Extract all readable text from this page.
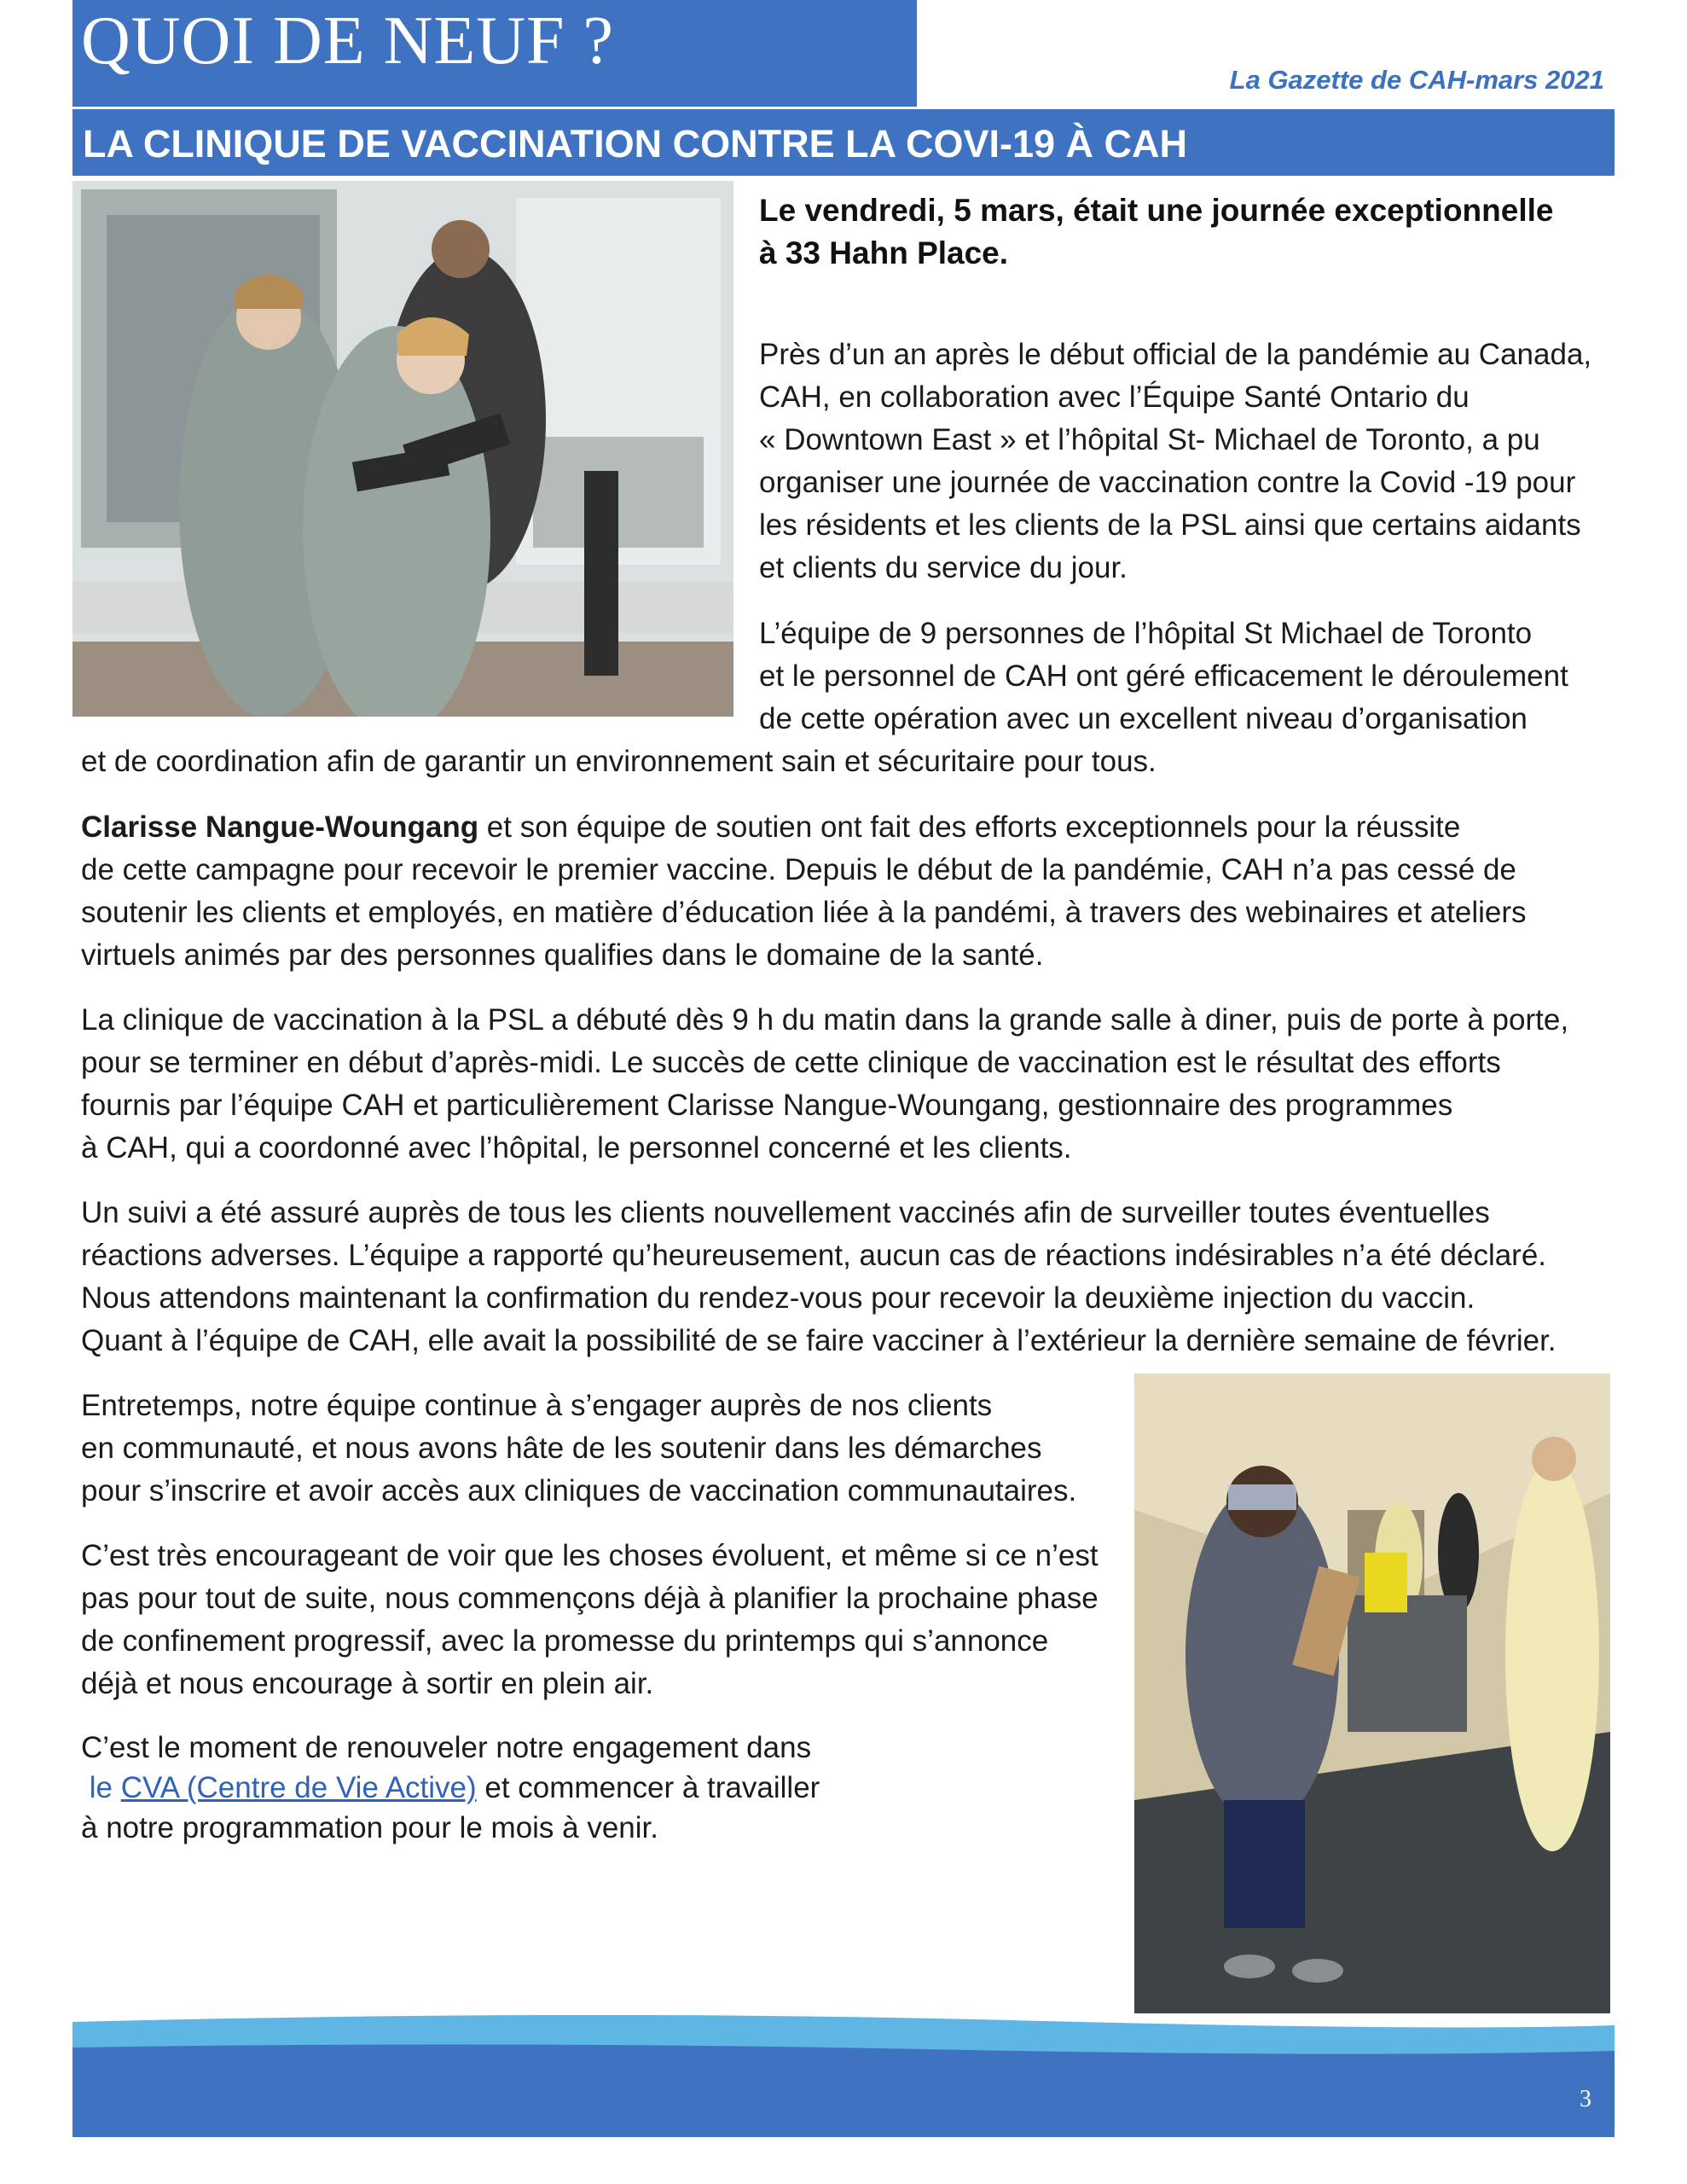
QUOI DE NEUF ?
La Gazette de CAH-mars 2021
LA CLINIQUE DE VACCINATION CONTRE LA COVI-19 À CAH
Le vendredi, 5 mars, était une journée exceptionnelle
à 33 Hahn Place.
Près d’un an après le début official de la pandémie au Canada,
CAH, en collaboration avec l’Équipe Santé Ontario du
« Downtown East » et l’hôpital St- Michael de Toronto, a pu
organiser une journée de vaccination contre la Covid -19 pour
les résidents et les clients de la PSL ainsi que certains aidants
et clients du service du jour.
L’équipe de 9 personnes de l’hôpital St Michael de Toronto
et le personnel de CAH ont géré efficacement le déroulement
de cette opération avec un excellent niveau d’organisation
et de coordination afin de garantir un environnement sain et sécuritaire pour tous.
Clarisse Nangue-Woungang et son équipe de soutien ont fait des efforts exceptionnels pour la réussite
de cette campagne pour recevoir le premier vaccine. Depuis le début de la pandémie, CAH n’a pas cessé de
soutenir les clients et employés, en matière d’éducation liée à la pandémi, à travers des webinaires et ateliers
virtuels animés par des personnes qualifies dans le domaine de la santé.
La clinique de vaccination à la PSL a débuté dès 9 h du matin dans la grande salle à diner, puis de porte à porte,
pour se terminer en début d’après-midi. Le succès de cette clinique de vaccination est le résultat des efforts
fournis par l’équipe CAH et particulièrement Clarisse Nangue-Woungang, gestionnaire des programmes
à CAH, qui a coordonné avec l’hôpital, le personnel concerné et les clients.
Un suivi a été assuré auprès de tous les clients nouvellement vaccinés afin de surveiller toutes éventuelles
réactions adverses. L’équipe a rapporté qu’heureusement, aucun cas de réactions indésirables n’a été déclaré.
Nous attendons maintenant la confirmation du rendez-vous pour recevoir la deuxième injection du vaccin.
Quant à l’équipe de CAH, elle avait la possibilité de se faire vacciner à l’extérieur la dernière semaine de février.
Entretemps, notre équipe continue à s’engager auprès de nos clients
en communauté, et nous avons hâte de les soutenir dans les démarches
pour s’inscrire et avoir accès aux cliniques de vaccination communautaires.
C’est très encourageant de voir que les choses évoluent, et même si ce n’est
pas pour tout de suite, nous commençons déjà à planifier la prochaine phase
de confinement progressif, avec la promesse du printemps qui s’annonce
déjà et nous encourage à sortir en plein air.
C’est le moment de renouveler notre engagement dans
le CVA (Centre de Vie Active) et commencer à travailler
à notre programmation pour le mois à venir.
3
